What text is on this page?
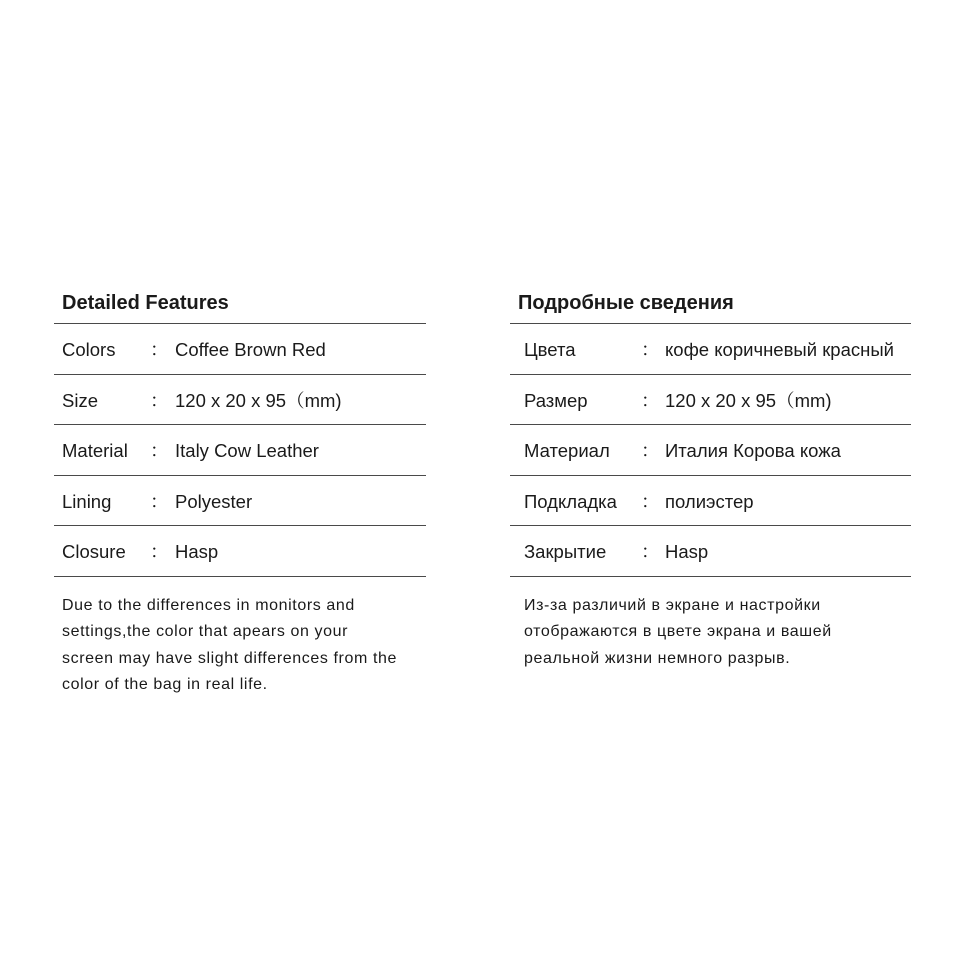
Detailed Features
Colors ： Coffee Brown Red
Size	： 120 x 20 x 95（mm)
Material ： Italy Cow Leather
Lining ： Polyester
Closure ： Hasp
Due to the differences in monitors and
settings,the color that apears on your
screen may have slight differences from the
color of the bag in real life.
Подробные сведения
Цвета	： кофе коричневый красный
Размер	： 120 x 20 x 95（mm)
Материал ： Италия Корова кожа
Подкладка ： полиэстер
Закрытие ： Hasp
Из-за различий в экране и настройки
отображаются в цвете экрана и вашей
реальной жизни немного разрыв.
